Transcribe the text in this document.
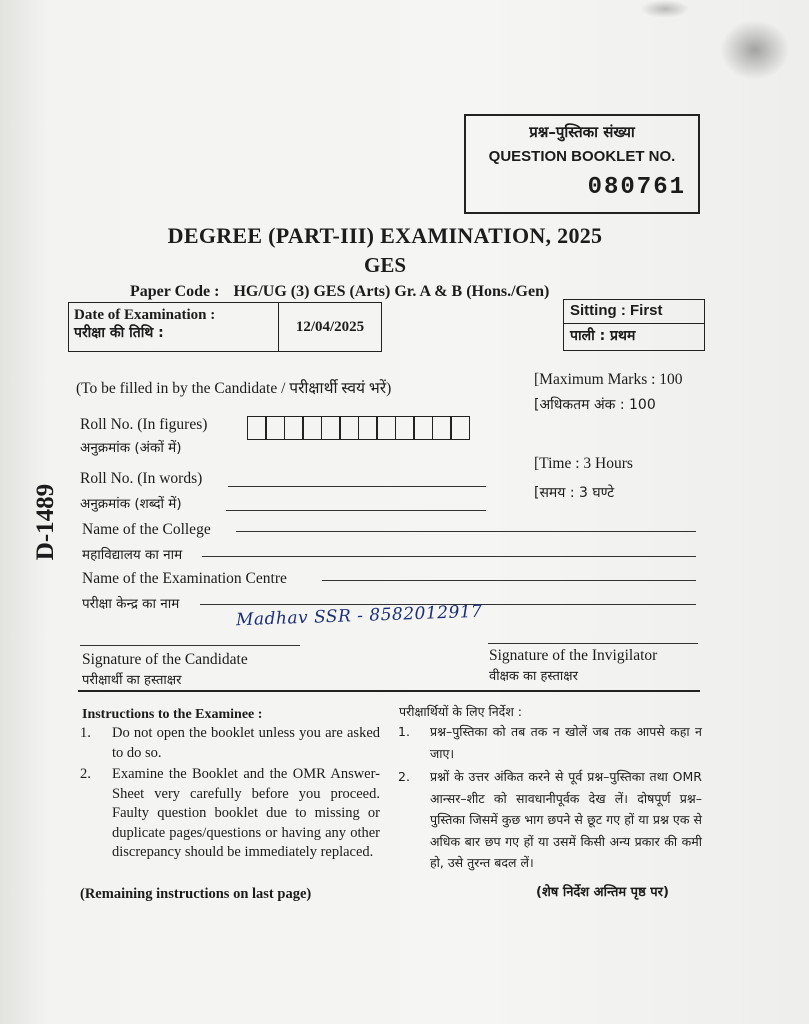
प्रश्न–पुस्तिका संख्या
QUESTION BOOKLET NO.
080761
D-1489
DEGREE (PART-III) EXAMINATION, 2025
GES
Paper Code : HG/UG (3) GES (Arts) Gr. A & B (Hons./Gen)
Date of Examination :
परीक्षा की तिथि :	12/04/2025
Sitting : First
पाली : प्रथम
(To be filled in by the Candidate / परीक्षार्थी स्वयं भरें)
[Maximum Marks : 100
[अधिकतम अंक : 100
[Time : 3 Hours
[समय : 3 घण्टे
Roll No. (In figures)
अनुक्रमांक (अंकों में)
Roll No. (In words)
अनुक्रमांक (शब्दों में)
Name of the College
महाविद्यालय का नाम
Name of the Examination Centre
परीक्षा केन्द्र का नाम	Madhav SSR - 8582012917
Signature of the Candidate
परीक्षार्थी का हस्ताक्षर
Signature of the Invigilator
वीक्षक का हस्ताक्षर
Instructions to the Examinee :
1.	Do not open the booklet unless you are asked to do so.
2.	Examine the Booklet and the OMR Answer-Sheet very carefully before you proceed. Faulty question booklet due to missing or duplicate pages/questions or having any other discrepancy should be immediately replaced.
(Remaining instructions on last page)
परीक्षार्थियों के लिए निर्देश :
1.	प्रश्न–पुस्तिका को तब तक न खोलें जब तक आपसे कहा न जाए।
2.	प्रश्नों के उत्तर अंकित करने से पूर्व प्रश्न–पुस्तिका तथा OMR आन्सर–शीट को सावधानीपूर्वक देख लें। दोषपूर्ण प्रश्न–पुस्तिका जिसमें कुछ भाग छपने से छूट गए हों या प्रश्न एक से अधिक बार छप गए हों या उसमें किसी अन्य प्रकार की कमी हो, उसे तुरन्त बदल लें।
(शेष निर्देश अन्तिम पृष्ठ पर)
